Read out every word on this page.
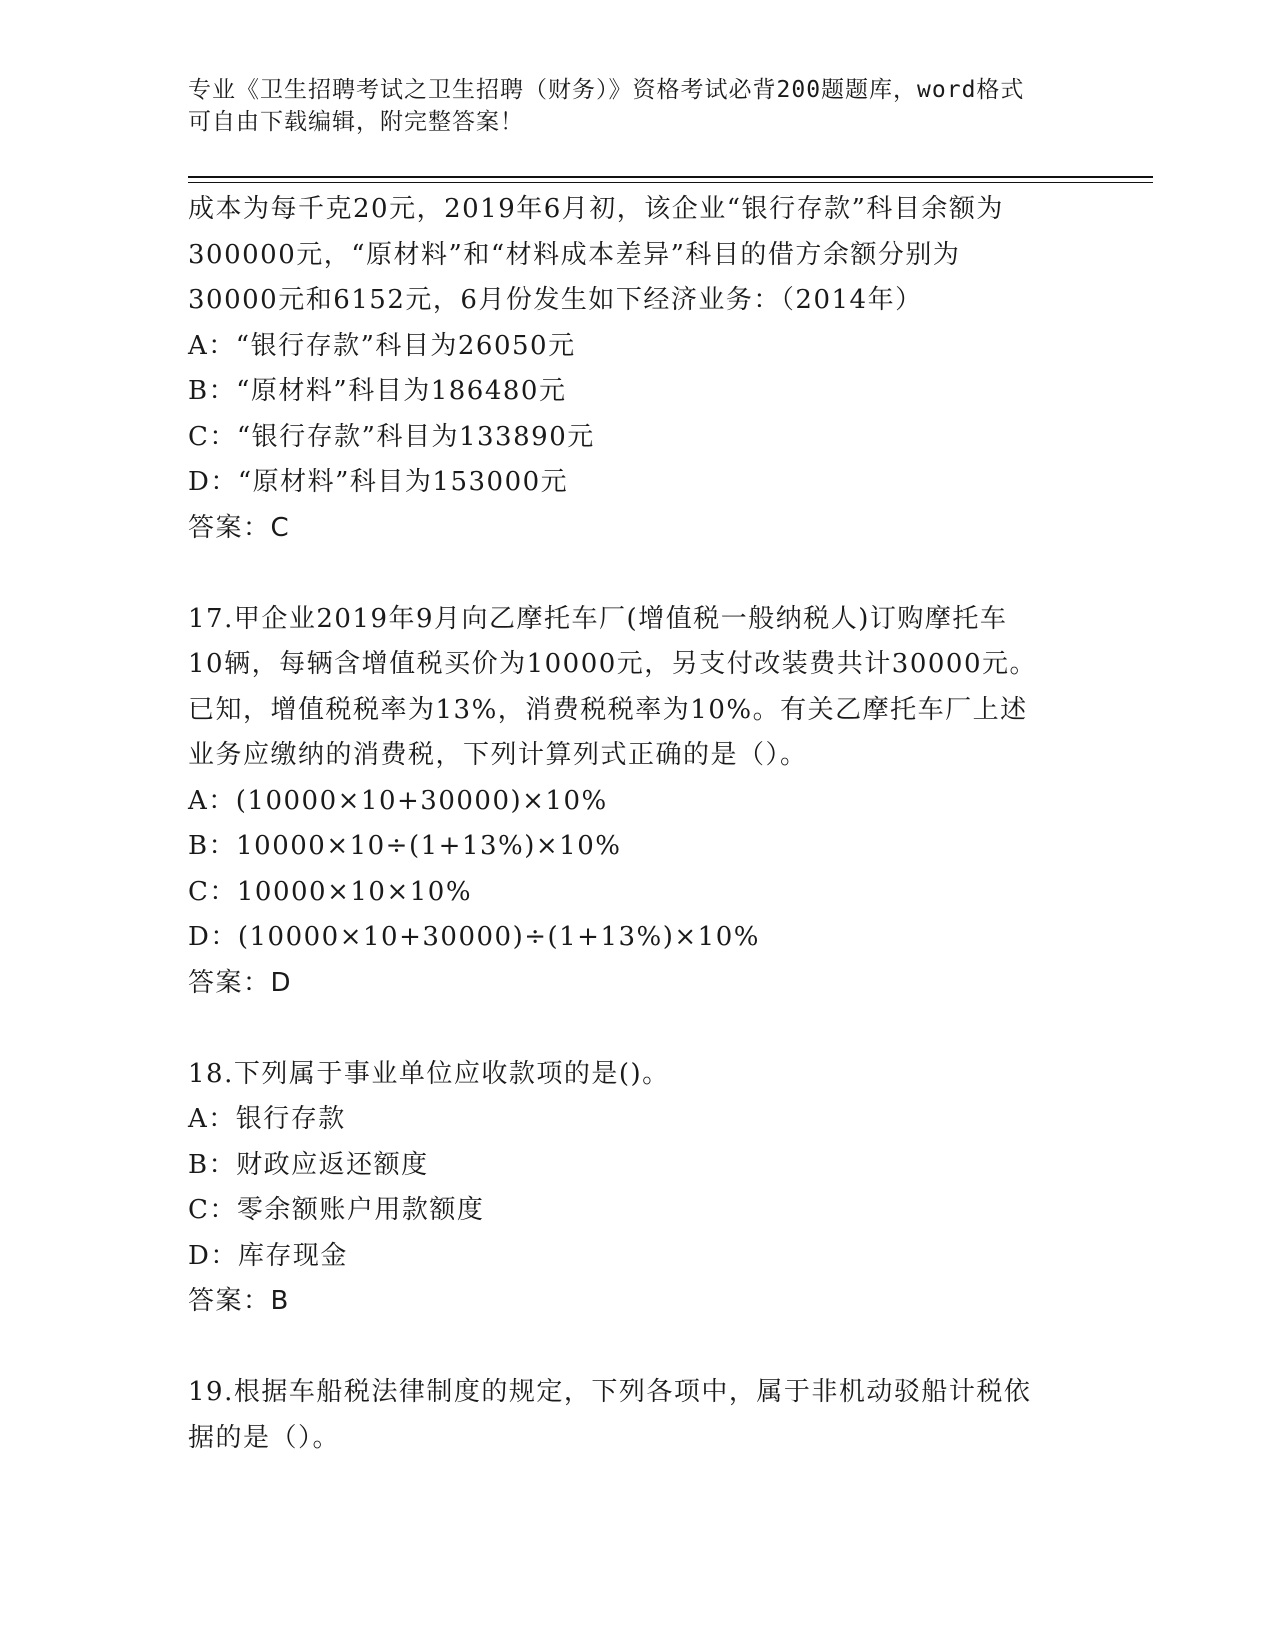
专业《卫生招聘考试之卫生招聘（财务）》资格考试必背200题题库，word格式
可自由下载编辑，附完整答案！
成本为每千克20元，2019年6月初，该企业“银行存款”科目余额为
300000元，“原材料”和“材料成本差异”科目的借方余额分别为
30000元和6152元，6月份发生如下经济业务：（2014年）
A：“银行存款”科目为26050元
B：“原材料”科目为186480元
C：“银行存款”科目为133890元
D：“原材料”科目为153000元
答案：C
17.甲企业2019年9月向乙摩托车厂(增值税一般纳税人)订购摩托车
10辆，每辆含增值税买价为10000元，另支付改装费共计30000元。
已知，增值税税率为13%，消费税税率为10%。有关乙摩托车厂上述
业务应缴纳的消费税，下列计算列式正确的是（）。
A：(10000×10+30000)×10%
B：10000×10÷(1+13%)×10%
C：10000×10×10%
D：(10000×10+30000)÷(1+13%)×10%
答案：D
18.下列属于事业单位应收款项的是()。
A：银行存款
B：财政应返还额度
C：零余额账户用款额度
D：库存现金
答案：B
19.根据车船税法律制度的规定，下列各项中，属于非机动驳船计税依
据的是（）。
